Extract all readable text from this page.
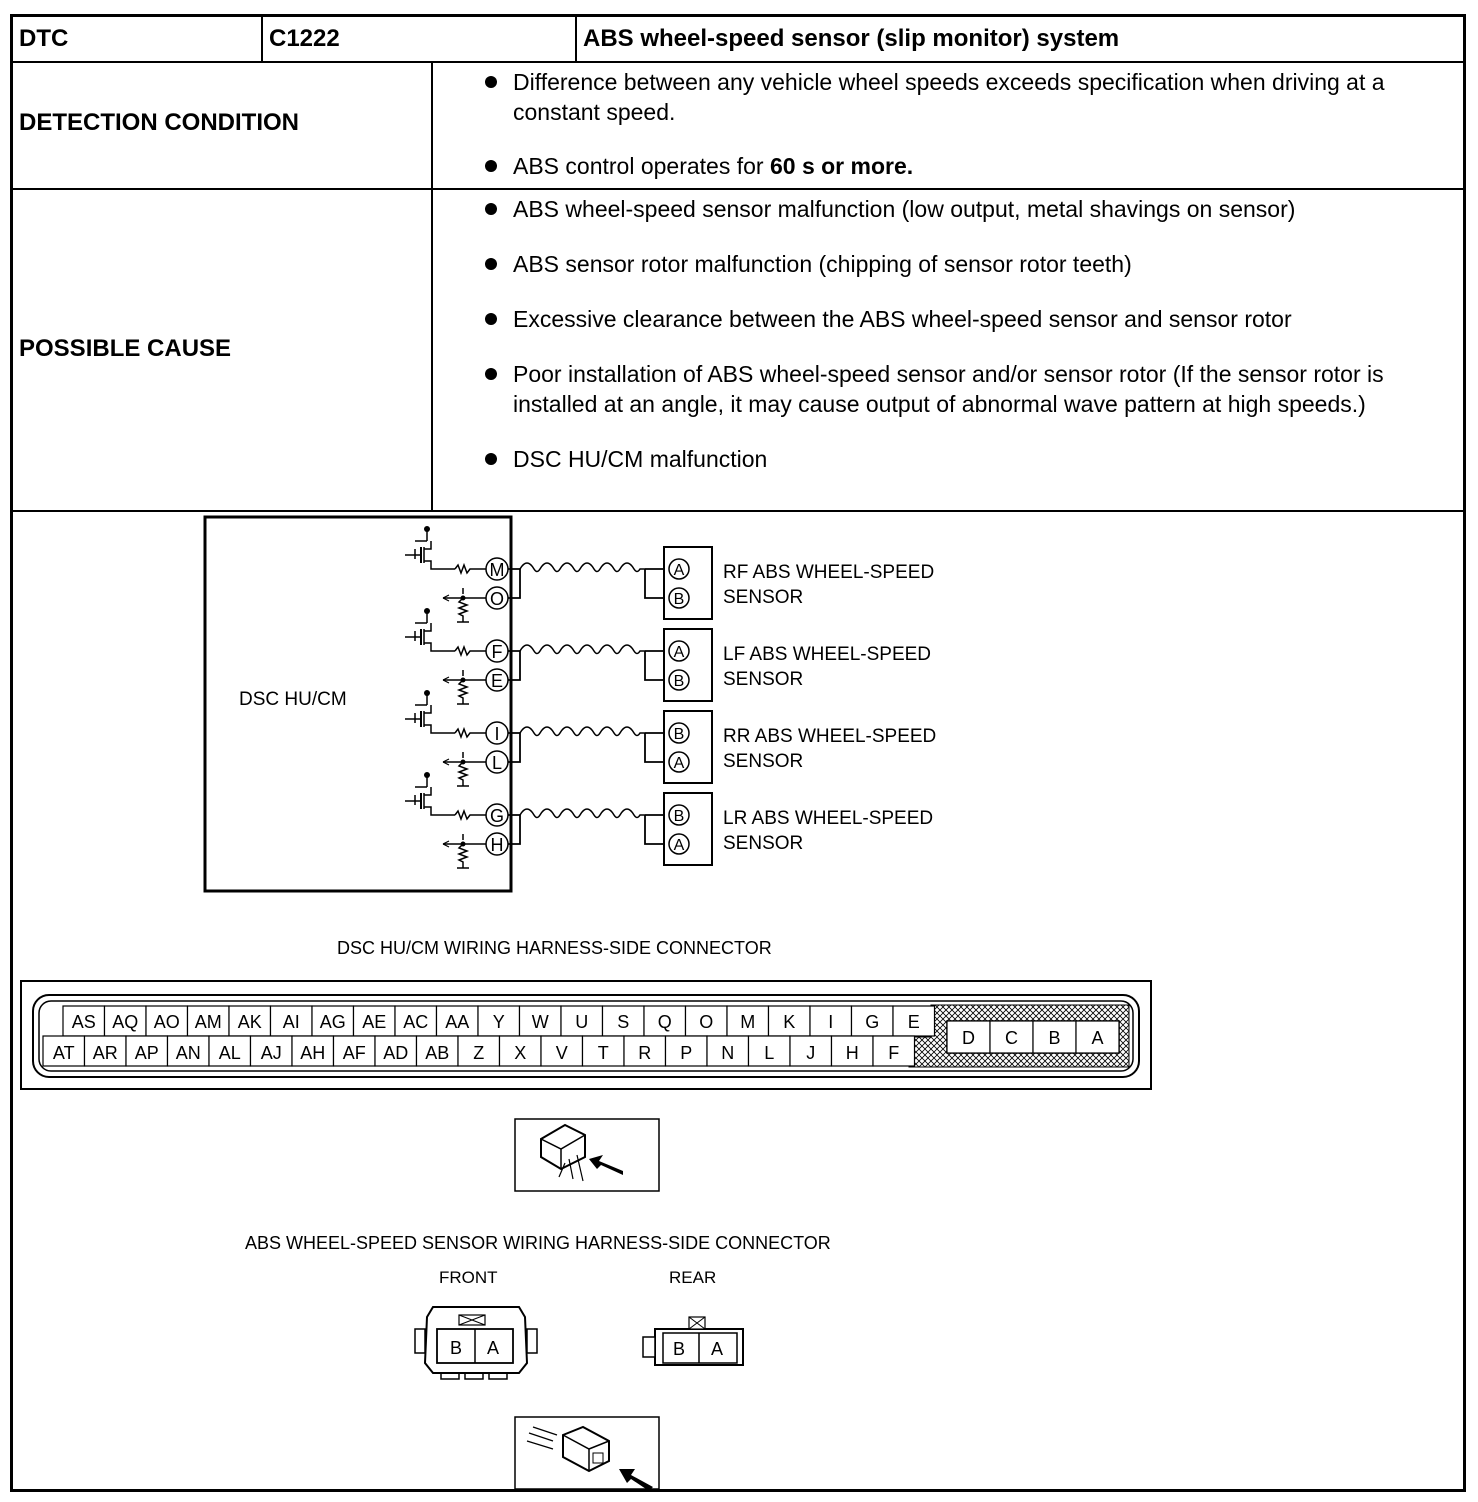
DTC	C1222	ABS wheel-speed sensor (slip monitor) system
DETECTION CONDITION
Difference between any vehicle wheel speeds exceeds specification when driving at a constant speed.
ABS control operates for 60 s or more.
POSSIBLE CAUSE
ABS wheel-speed sensor malfunction (low output, metal shavings on sensor)
ABS sensor rotor malfunction (chipping of sensor rotor teeth)
Excessive clearance between the ABS wheel-speed sensor and sensor rotor
Poor installation of ABS wheel-speed sensor and/or sensor rotor (If the sensor rotor is installed at an angle, it may cause output of abnormal wave pattern at high speeds.)
DSC HU/CM malfunction
DSC HU/CM
M
O
A
B
RF ABS WHEEL-SPEED
SENSOR
F
E
A
B
LF ABS WHEEL-SPEED
SENSOR
I
L
B
A
RR ABS WHEEL-SPEED
SENSOR
G
H
B
A
LR ABS WHEEL-SPEED
SENSOR
DSC HU/CM WIRING HARNESS-SIDE CONNECTOR
AS AQ AO AM AK AI AG AE AC AA Y W U S Q O M K I G E
AT AR AP AN AL AJ AH AF AD AB Z X V T R P N L J H F
D C B A
ABS WHEEL-SPEED SENSOR WIRING HARNESS-SIDE CONNECTOR
FRONT	REAR
B A	B A
